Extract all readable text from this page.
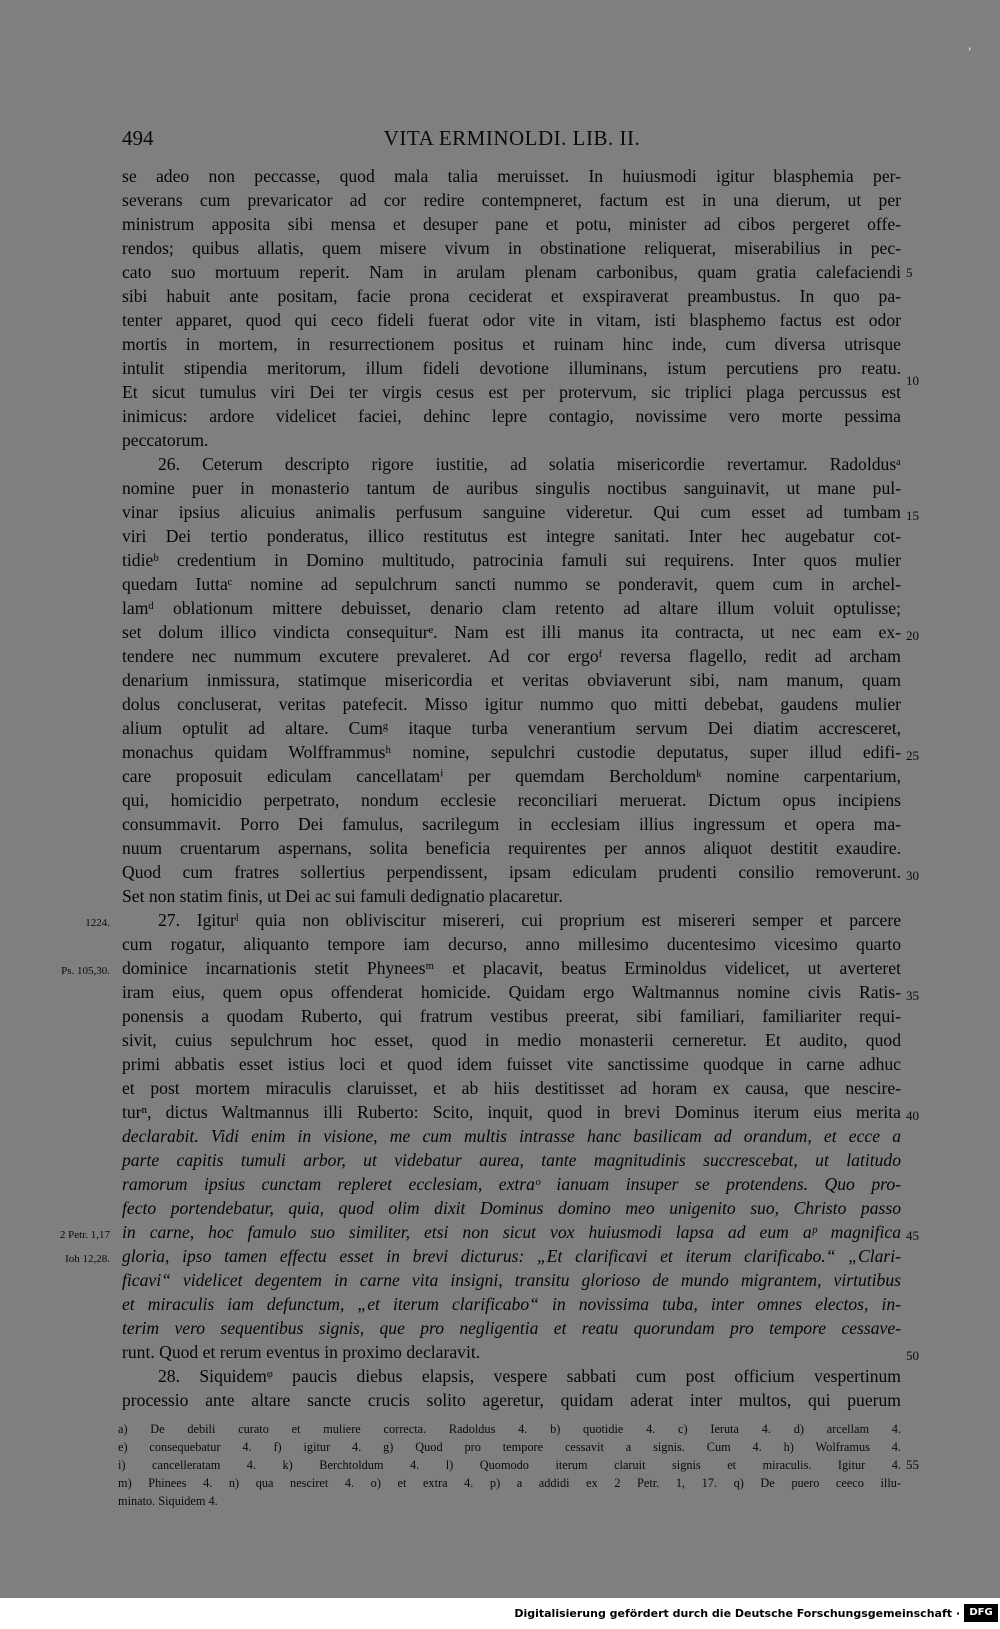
’
494	VITA ERMINOLDI. LIB. II.
se adeo non peccasse, quod mala talia meruisset. In huiusmodi igitur blasphemia per-
severans cum prevaricator ad cor redire contempneret, factum est in una dierum, ut per
ministrum apposita sibi mensa et desuper pane et potu, minister ad cibos pergeret offe-
rendos; quibus allatis, quem misere vivum in obstinatione reliquerat, miserabilius in pec-
cato suo mortuum reperit. Nam in arulam plenam carbonibus, quam gratia calefaciendi
sibi habuit ante positam, facie prona ceciderat et exspiraverat preambustus. In quo pa-
tenter apparet, quod qui ceco fideli fuerat odor vite in vitam, isti blasphemo factus est odor
mortis in mortem, in resurrectionem positus et ruinam hinc inde, cum diversa utrisque
intulit stipendia meritorum, illum fideli devotione illuminans, istum percutiens pro reatu.
Et sicut tumulus viri Dei ter virgis cesus est per protervum, sic triplici plaga percussus est
inimicus: ardore videlicet faciei, dehinc lepre contagio, novissime vero morte pessima
peccatorum.
26. Ceterum descripto rigore iustitie, ad solatia misericordie revertamur. Radoldusᵃ
nomine puer in monasterio tantum de auribus singulis noctibus sanguinavit, ut mane pul-
vinar ipsius alicuius animalis perfusum sanguine videretur. Qui cum esset ad tumbam
viri Dei tertio ponderatus, illico restitutus est integre sanitati. Inter hec augebatur cot-
tidieᵇ credentium in Domino multitudo, patrocinia famuli sui requirens. Inter quos mulier
quedam Iuttaᶜ nomine ad sepulchrum sancti nummo se ponderavit, quem cum in archel-
lamᵈ oblationum mittere debuisset, denario clam retento ad altare illum voluit optulisse;
set dolum illico vindicta consequiturᵉ. Nam est illi manus ita contracta, ut nec eam ex-
tendere nec nummum excutere prevaleret. Ad cor ergoᶠ reversa flagello, redit ad archam
denarium inmissura, statimque misericordia et veritas obviaverunt sibi, nam manum, quam
dolus concluserat, veritas patefecit. Misso igitur nummo quo mitti debebat, gaudens mulier
alium optulit ad altare. Cumᵍ itaque turba venerantium servum Dei diatim accresceret,
monachus quidam Wolfframmusʰ nomine, sepulchri custodie deputatus, super illud edifi-
care proposuit ediculam cancellatamⁱ per quemdam Bercholdumᵏ nomine carpentarium,
qui, homicidio perpetrato, nondum ecclesie reconciliari meruerat. Dictum opus incipiens
consummavit. Porro Dei famulus, sacrilegum in ecclesiam illius ingressum et opera ma-
nuum cruentarum aspernans, solita beneficia requirentes per annos aliquot destitit exaudire.
Quod cum fratres sollertius perpendissent, ipsam ediculam prudenti consilio removerunt.
Set non statim finis, ut Dei ac sui famuli dedignatio placaretur.
27. Igiturˡ quia non obliviscitur misereri, cui proprium est misereri semper et parcere
cum rogatur, aliquanto tempore iam decurso, anno millesimo ducentesimo vicesimo quarto
dominice incarnationis stetit Phyneesᵐ et placavit, beatus Erminoldus videlicet, ut averteret
iram eius, quem opus offenderat homicide. Quidam ergo Waltmannus nomine civis Ratis-
ponensis a quodam Ruberto, qui fratrum vestibus preerat, sibi familiari, familiariter requi-
sivit, cuius sepulchrum hoc esset, quod in medio monasterii cerneretur. Et audito, quod
primi abbatis esset istius loci et quod idem fuisset vite sanctissime quodque in carne adhuc
et post mortem miraculis claruisset, et ab hiis destitisset ad horam ex causa, que nescire-
turⁿ, dictus Waltmannus illi Ruberto: Scito, inquit, quod in brevi Dominus iterum eius merita
declarabit. Vidi enim in visione, me cum multis intrasse hanc basilicam ad orandum, et ecce a
parte capitis tumuli arbor, ut videbatur aurea, tante magnitudinis succrescebat, ut latitudo
ramorum ipsius cunctam repleret ecclesiam, extraᵒ ianuam insuper se protendens. Quo pro-
fecto portendebatur, quia, quod olim dixit Dominus domino meo unigenito suo, Christo passo
in carne, hoc famulo suo similiter, etsi non sicut vox huiusmodi lapsa ad eum aᵖ magnifica
gloria, ipso tamen effectu esset in brevi dicturus: „Et clarificavi et iterum clarificabo.“ „Clari-
ficavi“ videlicet degentem in carne vita insigni, transitu glorioso de mundo migrantem, virtutibus
et miraculis iam defunctum, „et iterum clarificabo“ in novissima tuba, inter omnes electos, in-
terim vero sequentibus signis, que pro negligentia et reatu quorundam pro tempore cessave-
runt. Quod et rerum eventus in proximo declaravit.
28. Siquidemᵠ paucis diebus elapsis, vespere sabbati cum post officium vespertinum
processio ante altare sancte crucis solito ageretur, quidam aderat inter multos, qui puerum
5
10
15
20
25
30
35
40
45
50
1224.
Ps. 105,30.
2 Petr. 1,17
Ioh 12,28.
a) De debili curato et muliere correcta. Radoldus 4. b) quotidie 4. c) Ieruta 4. d) arcellam 4.
e) consequebatur 4. f) igitur 4. g) Quod pro tempore cessavit a signis. Cum 4. h) Wolframus 4.
i) cancelleratam 4. k) Berchtoldum 4. l) Quomodo iterum claruit signis et miraculis. Igitur 4.
m) Phinees 4. n) qua nesciret 4. o) et extra 4. p) a addidi ex 2 Petr. 1, 17. q) De puero ceeco illu-
minato. Siquidem 4.
55
Digitalisierung gefördert durch die Deutsche Forschungsgemeinschaft · DFG
